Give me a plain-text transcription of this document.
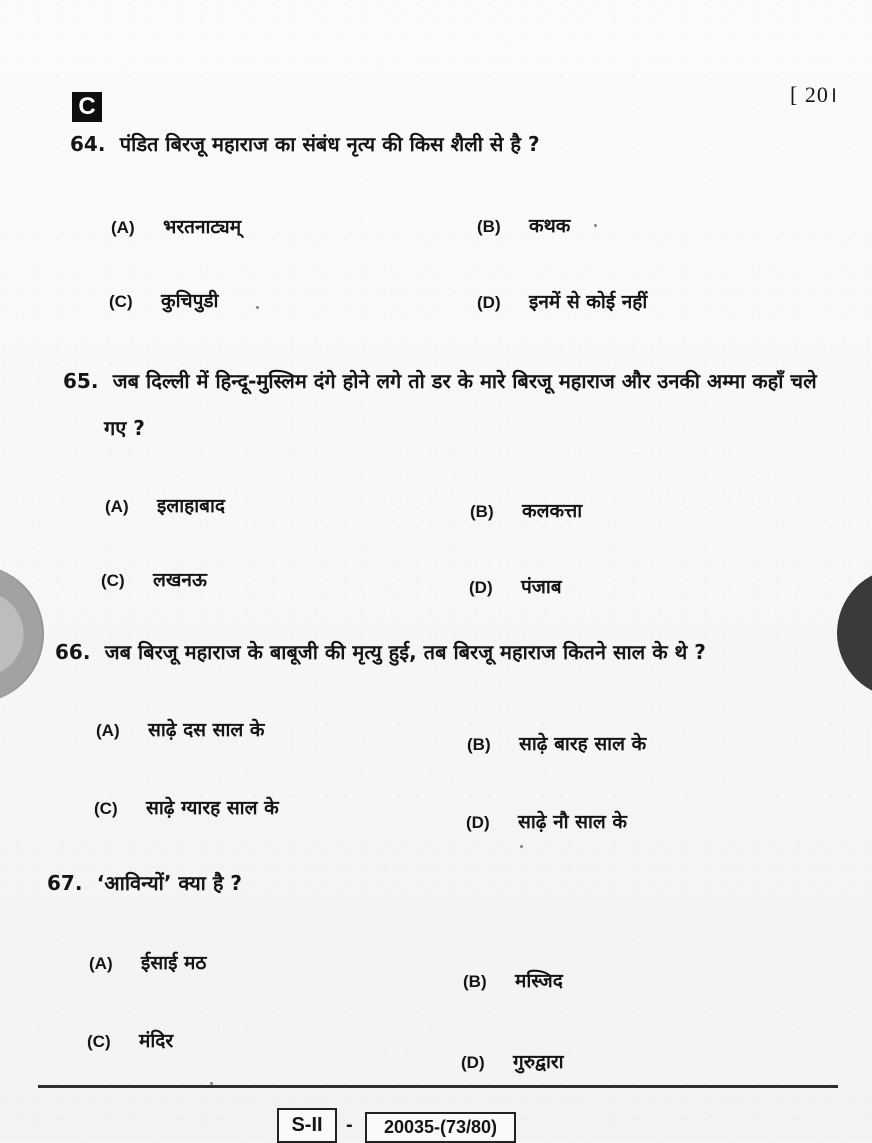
C	[ 20।
64. पंडित बिरजू महाराज का संबंध नृत्य की किस शैली से है ?
(A) भरतनाट्यम्	(B) कथक
(C) कुचिपुडी	(D) इनमें से कोई नहीं
65. जब दिल्ली में हिन्दू-मुस्लिम दंगे होने लगे तो डर के मारे बिरजू महाराज और उनकी अम्मा कहाँ चले
गए ?
(A) इलाहाबाद	(B) कलकत्ता
(C) लखनऊ	(D) पंजाब
66. जब बिरजू महाराज के बाबूजी की मृत्यु हुई, तब बिरजू महाराज कितने साल के थे ?
(A) साढ़े दस साल के
(B) साढ़े बारह साल के
(C) साढ़े ग्यारह साल के
(D) साढ़े नौ साल के
67. ‘आविन्यों’ क्या है ?
(A) ईसाई मठ
(B) मस्जिद
(C) मंदिर
(D) गुरुद्वारा
S-II	-	20035-(73/80)
